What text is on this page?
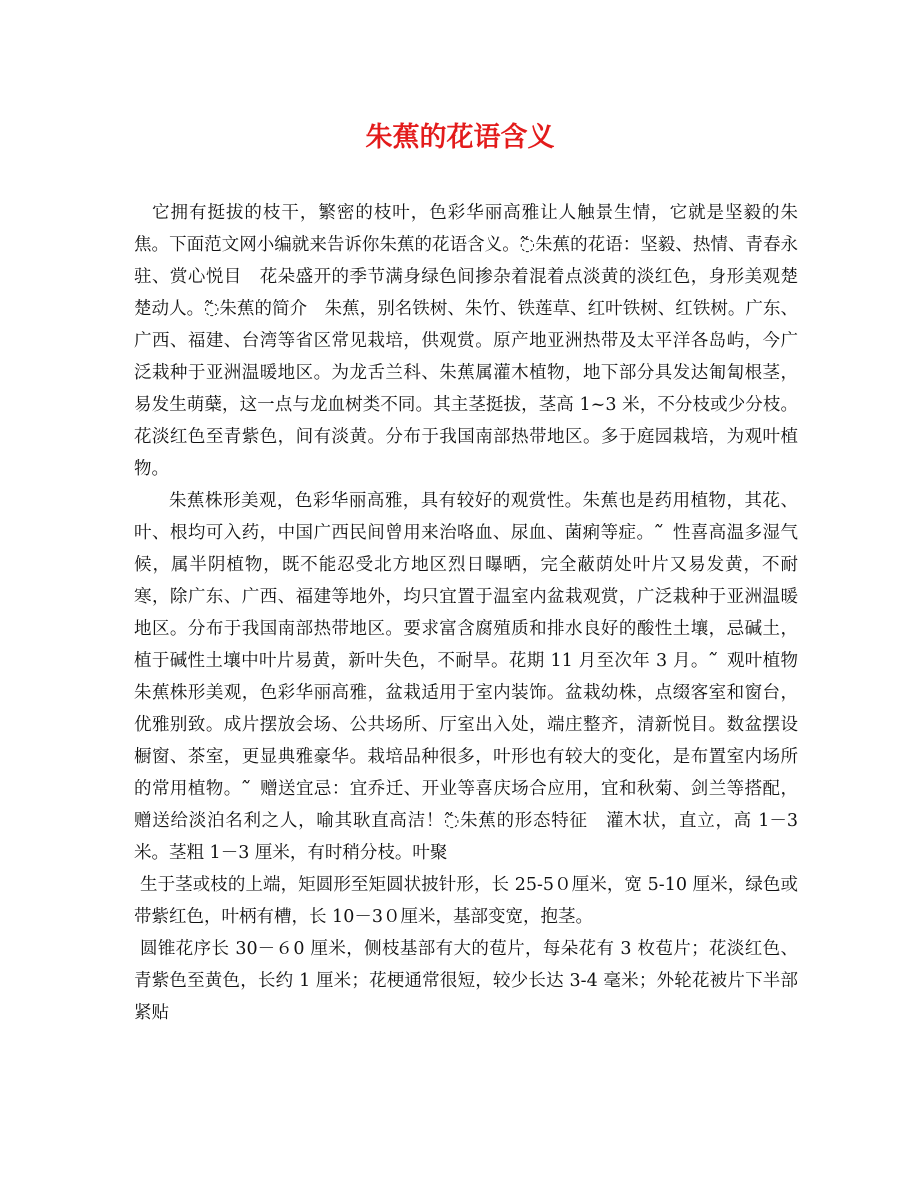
朱蕉的花语含义

它拥有挺拔的枝干，繁密的枝叶，色彩华丽高雅让人触景生情，它就是坚毅的朱焦。下面范文网小编就来告诉你朱蕉的花语含义。߬朱蕉的花语：坚毅、热情、青春永驻、赏心悦目　花朵盛开的季节满身绿色间掺杂着混着点淡黄的淡红色，身形美观楚楚动人。߬朱蕉的简介　朱蕉，别名铁树、朱竹、铁莲草、红叶铁树、红铁树。广东、广西、福建、台湾等省区常见栽培，供观赏。原产地亚洲热带及太平洋各岛屿，今广泛栽种于亚洲温暖地区。为龙舌兰科、朱蕉属灌木植物，地下部分具发达匍匐根茎，易发生萌蘖，这一点与龙血树类不同。其主茎挺拔，茎高 1~3 米，不分枝或少分枝。花淡红色至青紫色，间有淡黄。分布于我国南部热带地区。多于庭园栽培，为观叶植物。

朱蕉株形美观，色彩华丽高雅，具有较好的观赏性。朱蕉也是药用植物，其花、叶、根均可入药，中国广西民间曾用来治咯血、尿血、菌痢等症。߬　性喜高温多湿气候，属半阴植物，既不能忍受北方地区烈日曝晒，完全蔽荫处叶片又易发黄，不耐寒，除广东、广西、福建等地外，均只宜置于温室内盆栽观赏，广泛栽种于亚洲温暖地区。分布于我国南部热带地区。要求富含腐殖质和排水良好的酸性土壤，忌碱土，植于碱性土壤中叶片易黄，新叶失色，不耐旱。花期 11 月至次年 3 月。߬　观叶植物朱蕉株形美观，色彩华丽高雅，盆栽适用于室内装饰。盆栽幼株，点缀客室和窗台，优雅别致。成片摆放会场、公共场所、厅室出入处，端庄整齐，清新悦目。数盆摆设橱窗、茶室，更显典雅豪华。栽培品种很多，叶形也有较大的变化，是布置室内场所的常用植物。߬　赠送宜忌：宜乔迁、开业等喜庆场合应用，宜和秋菊、剑兰等搭配，赠送给淡泊名利之人，喻其耿直高洁！߬朱蕉的形态特征　灌木状，直立，高 1－3 米。茎粗 1－3 厘米，有时稍分枝。叶聚

生于茎或枝的上端，矩圆形至矩圆状披针形，长 25-5０厘米，宽 5-10 厘米，绿色或带紫红色，叶柄有槽，长 10－3０厘米，基部变宽，抱茎。

圆锥花序长 30－６0 厘米，侧枝基部有大的苞片，每朵花有 3 枚苞片；花淡红色、青紫色至黄色，长约 1 厘米；花梗通常很短，较少长达 3-4 毫米；外轮花被片下半部紧贴
